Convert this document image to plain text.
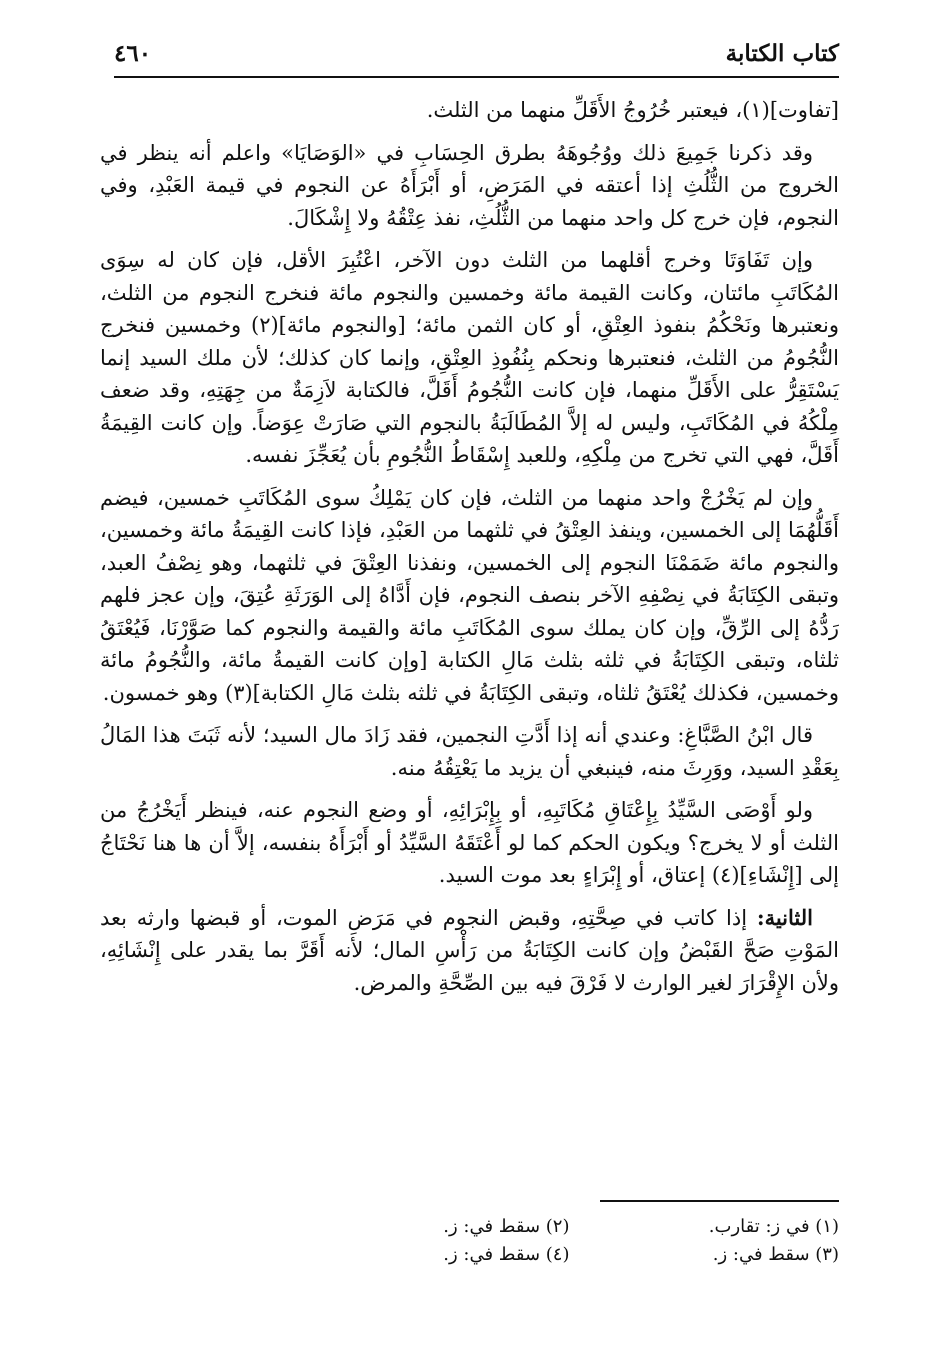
كتاب الكتابة
٤٦٠

[تفاوت](١)، فيعتبر خُرُوجُ الأَقَلِّ منهما من الثلث.

وقد ذكرنا جَمِيعَ ذلك ووُجُوهَهُ بطرق الحِسَابِ في «الوَصَايَا» واعلم أنه ينظر في الخروج من الثُّلُثِ إذا أعتقه في المَرَضِ، أو أَبْرَأَهُ عن النجوم في قيمة العَبْدِ، وفي النجوم، فإن خرج كل واحد منهما من الثُّلُثِ، نفذ عِتْقُهُ ولا إِشْكَالَ.

وإن تَفَاوَتَا وخرج أقلهما من الثلث دون الآخر، اعْتُبِرَ الأقل، فإن كان له سِوَى المُكَاتَبِ مائتان، وكانت القيمة مائة وخمسين والنجوم مائة فنخرج النجوم من الثلث، ونعتبرها ونَحْكُمُ بنفوذ العِتْقِ، أو كان الثمن مائة؛ [والنجوم مائة](٢) وخمسين فنخرج النُّجُومُ من الثلث، فنعتبرها ونحكم بِنُفُوذِ العِتْقِ، وإنما كان كذلك؛ لأن ملك السيد إنما يَسْتَقِرُّ على الأَقَلِّ منهما، فإن كانت النُّجُومُ أَقَلَّ، فالكتابة لاَزِمَةٌ من جِهَتِهِ، وقد ضعف مِلْكُهُ في المُكَاتَبِ، وليس له إلاَّ المُطَالَبَةُ بالنجوم التي صَارَتْ عِوَضاً. وإن كانت القِيمَةُ أَقَلَّ، فهي التي تخرج من مِلْكِهِ، وللعبد إِسْقَاطُ النُّجُومِ بأن يُعَجِّزَ نفسه.

وإن لم يَخْرُجْ واحد منهما من الثلث، فإن كان يَمْلِكُ سوى المُكَاتَبِ خمسين، فيضم أَقَلُّهُمَا إلى الخمسين، وينفذ العِتْقُ في ثلثهما من العَبْدِ، فإذا كانت القِيمَةُ مائة وخمسين، والنجوم مائة ضَمَمْنَا النجوم إلى الخمسين، ونفذنا العِتْقَ في ثلثهما، وهو نِصْفُ العبد، وتبقى الكِتَابَةُ في نِصْفِهِ الآخر بنصف النجوم، فإن أَدَّاهُ إلى الوَرَثَةِ عُتِقَ، وإن عجز فلهم رَدُّهُ إلى الرِّقِّ، وإن كان يملك سوى المُكَاتَبِ مائة والقيمة والنجوم كما صَوَّرْنَا، فَيُعْتَقُ ثلثاه، وتبقى الكِتَابَةُ في ثلثه بثلث مَالِ الكتابة [وإن كانت القيمةُ مائة، والنُّجُومُ مائة وخمسين، فكذلك يُعْتَقُ ثلثاه، وتبقى الكِتَابَةُ في ثلثه بثلث مَالِ الكتابة](٣) وهو خمسون.

قال ابْنُ الصَّبَّاغِ: وعندي أنه إذا أَدَّتِ النجمين، فقد زَادَ مال السيد؛ لأنه ثَبَتَ هذا المَالُ بِعَقْدِ السيد، ووَرِثَ منه، فينبغي أن يزيد ما يَعْتِقُهُ منه.

ولو أَوْصَى السَّيِّدُ بِإِعْتَاقِ مُكَاتَبِهِ، أو بِإِبْرَائِهِ، أو وضع النجوم عنه، فينظر أَيَخْرُجُ من الثلث أو لا يخرج؟ ويكون الحكم كما لو أَعْتَقَهُ السَّيِّدُ أو أَبْرَأَهُ بنفسه، إلاَّ أن ها هنا نَحْتَاجُ إلى [إِنْشَاءِ](٤) إعتاق، أو إِبْرَاءٍ بعد موت السيد.

الثانية: إذا كاتب في صِحَّتِهِ، وقبض النجوم في مَرَضِ الموت، أو قبضها وارثه بعد المَوْتِ صَحَّ القَبْضُ وإن كانت الكِتَابَةُ من رَأْسِ المال؛ لأنه أَقَرَّ بما يقدر على إِنْشَائِهِ، ولأن الإِقْرَارَ لغير الوارث لا فَرْقَ فيه بين الصِّحَّةِ والمرض.

(١) في ز: تقارب.
(٢) سقط في: ز.
(٣) سقط في: ز.
(٤) سقط في: ز.
